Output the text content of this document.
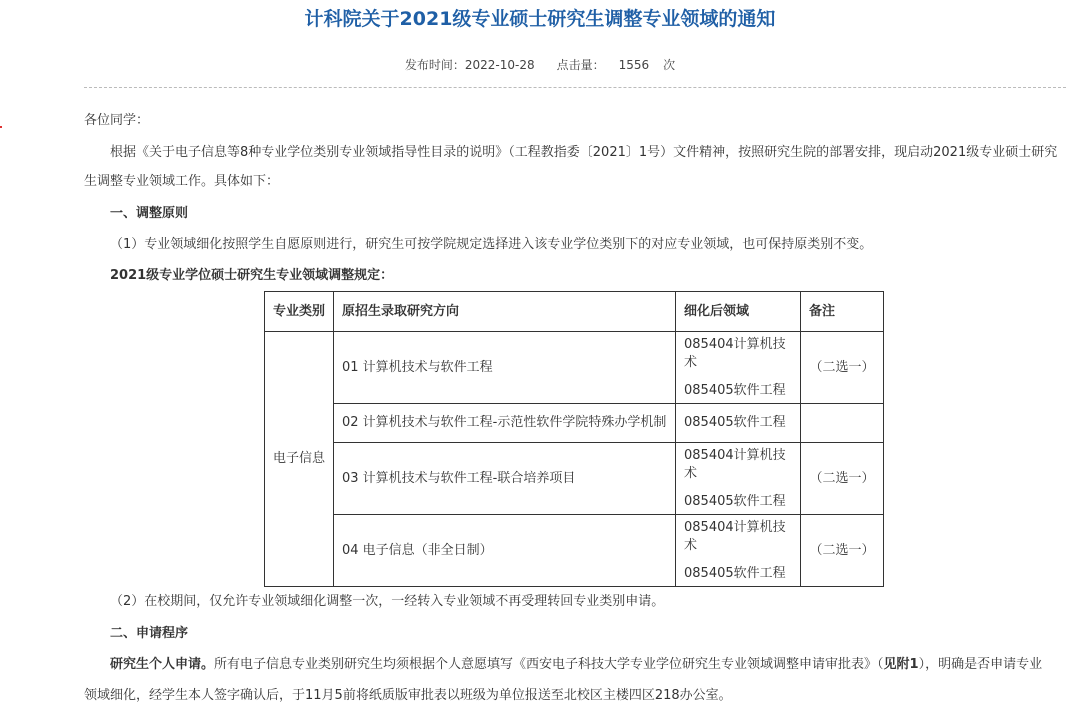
计科院关于2021级专业硕士研究生调整专业领域的通知
发布时间：2022-10-28 点击量： 1556 次
各位同学：
根据《关于电子信息等8种专业学位类别专业领域指导性目录的说明》（工程教指委〔2021〕1号）文件精神，按照研究生院的部署安排，现启动2021级专业硕士研究
生调整专业领域工作。具体如下：
一、调整原则
（1）专业领域细化按照学生自愿原则进行，研究生可按学院规定选择进入该专业学位类别下的对应专业领域，也可保持原类别不变。
2021级专业学位硕士研究生专业领域调整规定：
专业类别	原招生录取研究方向	细化后领域	备注
电子信息	01 计算机技术与软件工程	085404计算机技术
085405软件工程	（二选一）
	02 计算机技术与软件工程-示范性软件学院特殊办学机制	085405软件工程	

	03 计算机技术与软件工程-联合培养项目	085404计算机技术
085405软件工程	（二选一）
	04 电子信息（非全日制）	085404计算机技术
085405软件工程	（二选一）
（2）在校期间，仅允许专业领域细化调整一次，一经转入专业领域不再受理转回专业类别申请。
二、申请程序
研究生个人申请。所有电子信息专业类别研究生均须根据个人意愿填写《西安电子科技大学专业学位研究生专业领域调整申请审批表》（见附1），明确是否申请专业
领域细化，经学生本人签字确认后，于11月5前将纸质版审批表以班级为单位报送至北校区主楼四区218办公室。
